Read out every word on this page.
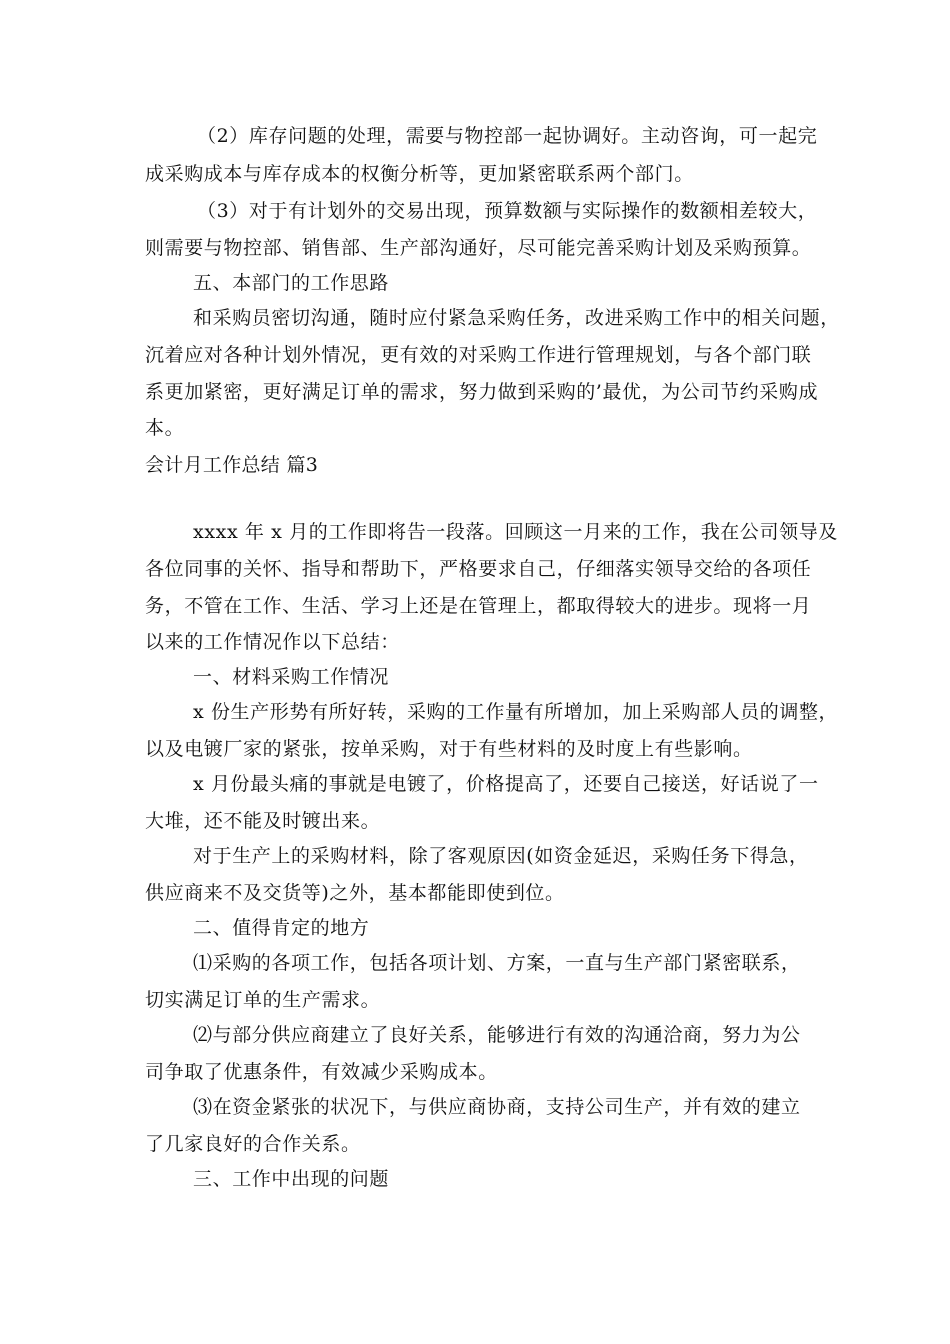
（2）库存问题的处理，需要与物控部一起协调好。主动咨询，可一起完

成采购成本与库存成本的权衡分析等，更加紧密联系两个部门。

（3）对于有计划外的交易出现，预算数额与实际操作的数额相差较大，

则需要与物控部、销售部、生产部沟通好，尽可能完善采购计划及采购预算。

五、本部门的工作思路

和采购员密切沟通，随时应付紧急采购任务，改进采购工作中的相关问题，

沉着应对各种计划外情况，更有效的对采购工作进行管理规划，与各个部门联

系更加紧密，更好满足订单的需求，努力做到采购的’最优，为公司节约采购成

本。

会计月工作总结 篇3

xxxx 年 x 月的工作即将告一段落。回顾这一月来的工作，我在公司领导及

各位同事的关怀、指导和帮助下，严格要求自己，仔细落实领导交给的各项任

务，不管在工作、生活、学习上还是在管理上，都取得较大的进步。现将一月

以来的工作情况作以下总结：

一、材料采购工作情况

x 份生产形势有所好转，采购的工作量有所增加，加上采购部人员的调整，

以及电镀厂家的紧张，按单采购，对于有些材料的及时度上有些影响。

x 月份最头痛的事就是电镀了，价格提高了，还要自己接送，好话说了一

大堆，还不能及时镀出来。

对于生产上的采购材料，除了客观原因(如资金延迟，采购任务下得急，

供应商来不及交货等)之外，基本都能即使到位。

二、值得肯定的地方

⑴采购的各项工作，包括各项计划、方案，一直与生产部门紧密联系，

切实满足订单的生产需求。

⑵与部分供应商建立了良好关系，能够进行有效的沟通洽商，努力为公

司争取了优惠条件，有效减少采购成本。

⑶在资金紧张的状况下，与供应商协商，支持公司生产，并有效的建立

了几家良好的合作关系。

三、工作中出现的问题
